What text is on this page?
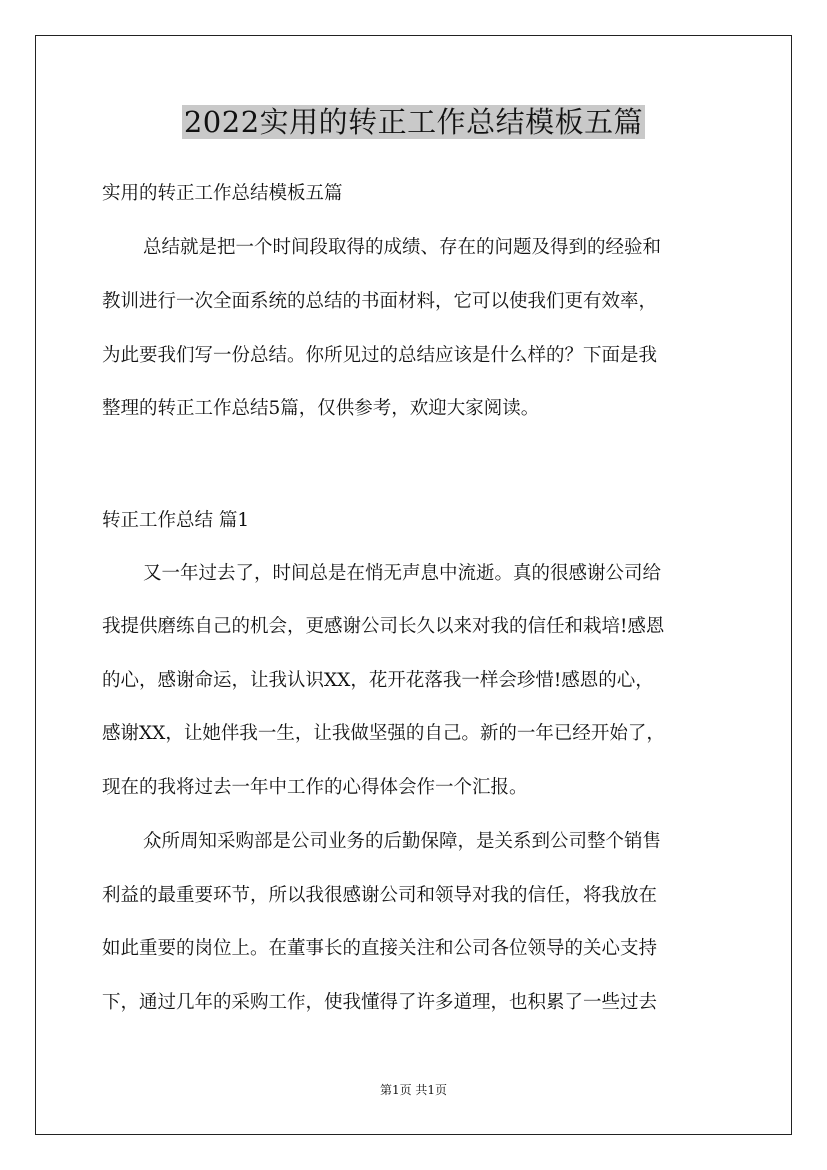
2022实用的转正工作总结模板五篇

实用的转正工作总结模板五篇

总结就是把一个时间段取得的成绩、存在的问题及得到的经验和

教训进行一次全面系统的总结的书面材料，它可以使我们更有效率，

为此要我们写一份总结。你所见过的总结应该是什么样的？下面是我

整理的转正工作总结5篇，仅供参考，欢迎大家阅读。

转正工作总结 篇1

又一年过去了，时间总是在悄无声息中流逝。真的很感谢公司给

我提供磨练自己的机会，更感谢公司长久以来对我的信任和栽培!感恩

的心，感谢命运，让我认识XX，花开花落我一样会珍惜!感恩的心，

感谢XX，让她伴我一生，让我做坚强的自己。新的一年已经开始了，

现在的我将过去一年中工作的心得体会作一个汇报。

众所周知采购部是公司业务的后勤保障，是关系到公司整个销售

利益的最重要环节，所以我很感谢公司和领导对我的信任，将我放在

如此重要的岗位上。在董事长的直接关注和公司各位领导的关心支持

下，通过几年的采购工作，使我懂得了许多道理，也积累了一些过去

第1页 共1页
